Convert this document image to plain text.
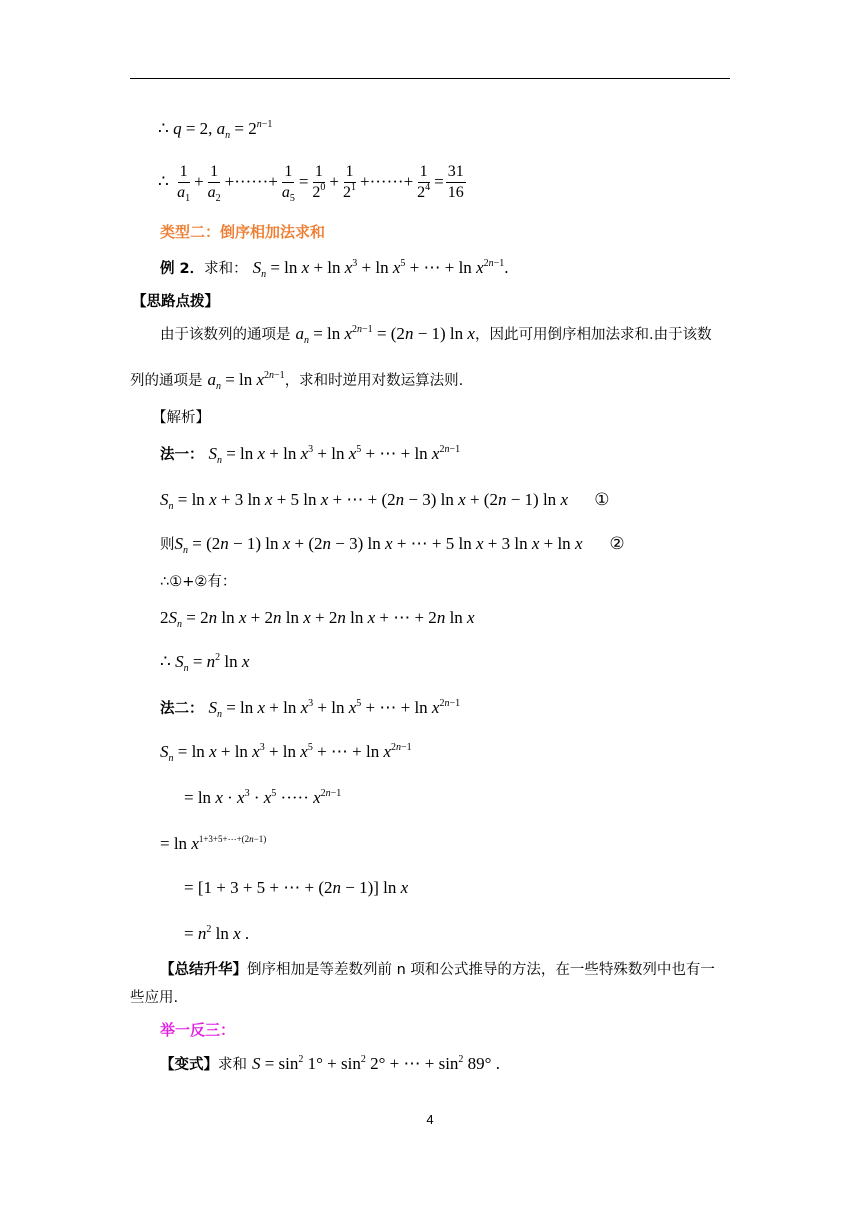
∴ q = 2, $a_n = 2^{n-1}$
∴ $\frac{1}{a_1} + \frac{1}{a_2}$ +······+ $\frac{1}{a_5} = \frac{1}{2^0} + \frac{1}{2^1}$ +······+ $\frac{1}{2^4} = \frac{31}{16}$
类型二：倒序相加法求和
例 2．求和： $S_n = \ln x + \ln x^3 + \ln x^5$ + ⋯ + $\ln x^{2n-1}$.
【思路点拨】
由于该数列的通项是 $a_n = \ln x^{2n-1} = (2n - 1)$ ln x，因此可用倒序相加法求和.由于该数
列的通项是 $a_n = \ln x^{2n-1}$，求和时逆用对数运算法则.
【解析】
法一： $S_n = \ln x + \ln x^3 + \ln x^5$ + ⋯ + $\ln x^{2n-1}$
$S_n = \ln x + 3$ ln x + 5 ln x + ⋯ + (2n − 3) ln x + (2n − 1) ln x ①
则$S_n = (2n - 1)$ ln x + (2n − 3) ln x + ⋯ + 5 ln x + 3 ln x + ln x ②
∴①+②有：
$2S_n = 2n$ ln x + 2n ln x + 2n ln x + ⋯ + 2n ln x
∴ $S_n = n^2$ ln x
法二： $S_n = \ln x + \ln x^3 + \ln x^5$ + ⋯ + $\ln x^{2n-1}$
$S_n = \ln x + \ln x^3 + \ln x^5$ + ⋯ + $\ln x^{2n-1}$
= $\ln x \cdot x^3 \cdot x^5$ ····· $x^{2n-1}$
= $\ln x^{1+3+5+\cdots+(2n-1)}$
= [1 + 3 + 5 + ⋯ + (2n − 1)] ln x
= $n^2$ ln x .
【总结升华】倒序相加是等差数列前 n 项和公式推导的方法，在一些特殊数列中也有一
些应用.
举一反三：
【变式】求和 $S = \sin^2 1^\circ + \sin^2 2^\circ$ + ⋯ + $\sin^2 89^\circ$ .
4
